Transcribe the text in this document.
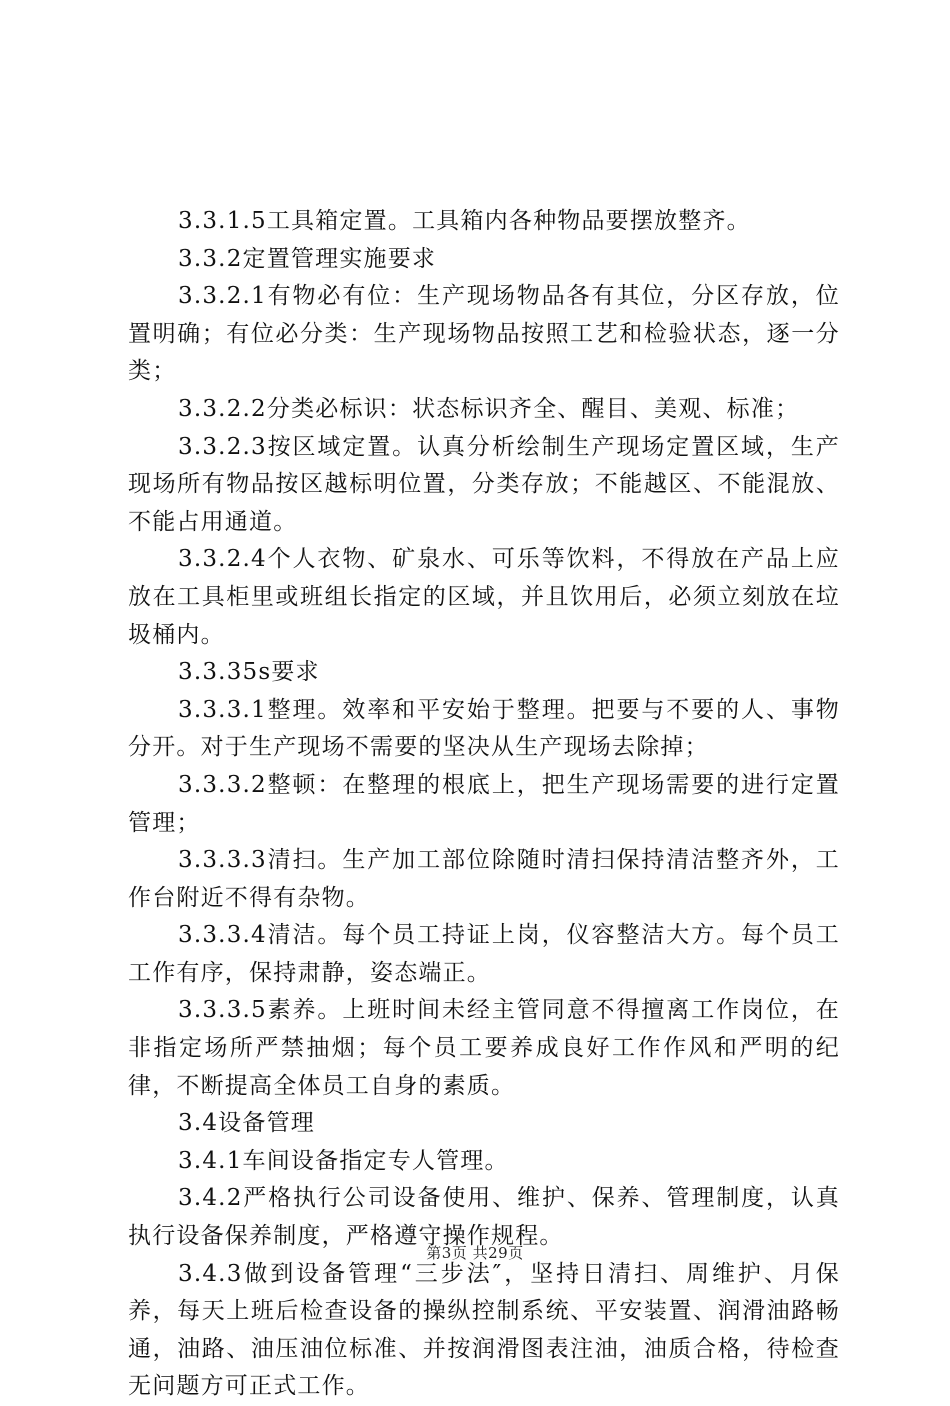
3.3.1.5工具箱定置。工具箱内各种物品要摆放整齐。

3.3.2定置管理实施要求

3.3.2.1有物必有位：生产现场物品各有其位，分区存放，位置明确；有位必分类：生产现场物品按照工艺和检验状态，逐一分类；

3.3.2.2分类必标识：状态标识齐全、醒目、美观、标准；

3.3.2.3按区域定置。认真分析绘制生产现场定置区域，生产现场所有物品按区越标明位置，分类存放；不能越区、不能混放、不能占用通道。

3.3.2.4个人衣物、矿泉水、可乐等饮料，不得放在产品上应放在工具柜里或班组长指定的区域，并且饮用后，必须立刻放在垃圾桶内。

3.3.35s要求

3.3.3.1整理。效率和平安始于整理。把要与不要的人、事物分开。对于生产现场不需要的坚决从生产现场去除掉；

3.3.3.2整顿：在整理的根底上，把生产现场需要的进行定置管理；

3.3.3.3清扫。生产加工部位除随时清扫保持清洁整齐外，工作台附近不得有杂物。

3.3.3.4清洁。每个员工持证上岗，仪容整洁大方。每个员工工作有序，保持肃静，姿态端正。

3.3.3.5素养。上班时间未经主管同意不得擅离工作岗位，在非指定场所严禁抽烟；每个员工要养成良好工作作风和严明的纪律，不断提高全体员工自身的素质。

3.4设备管理

3.4.1车间设备指定专人管理。

3.4.2严格执行公司设备使用、维护、保养、管理制度，认真执行设备保养制度，严格遵守操作规程。

3.4.3做到设备管理“三步法″，坚持日清扫、周维护、月保养，每天上班后检查设备的操纵控制系统、平安装置、润滑油路畅通，油路、油压油位标准、并按润滑图表注油，油质合格，待检查无问题方可正式工作。

第3页 共29页
